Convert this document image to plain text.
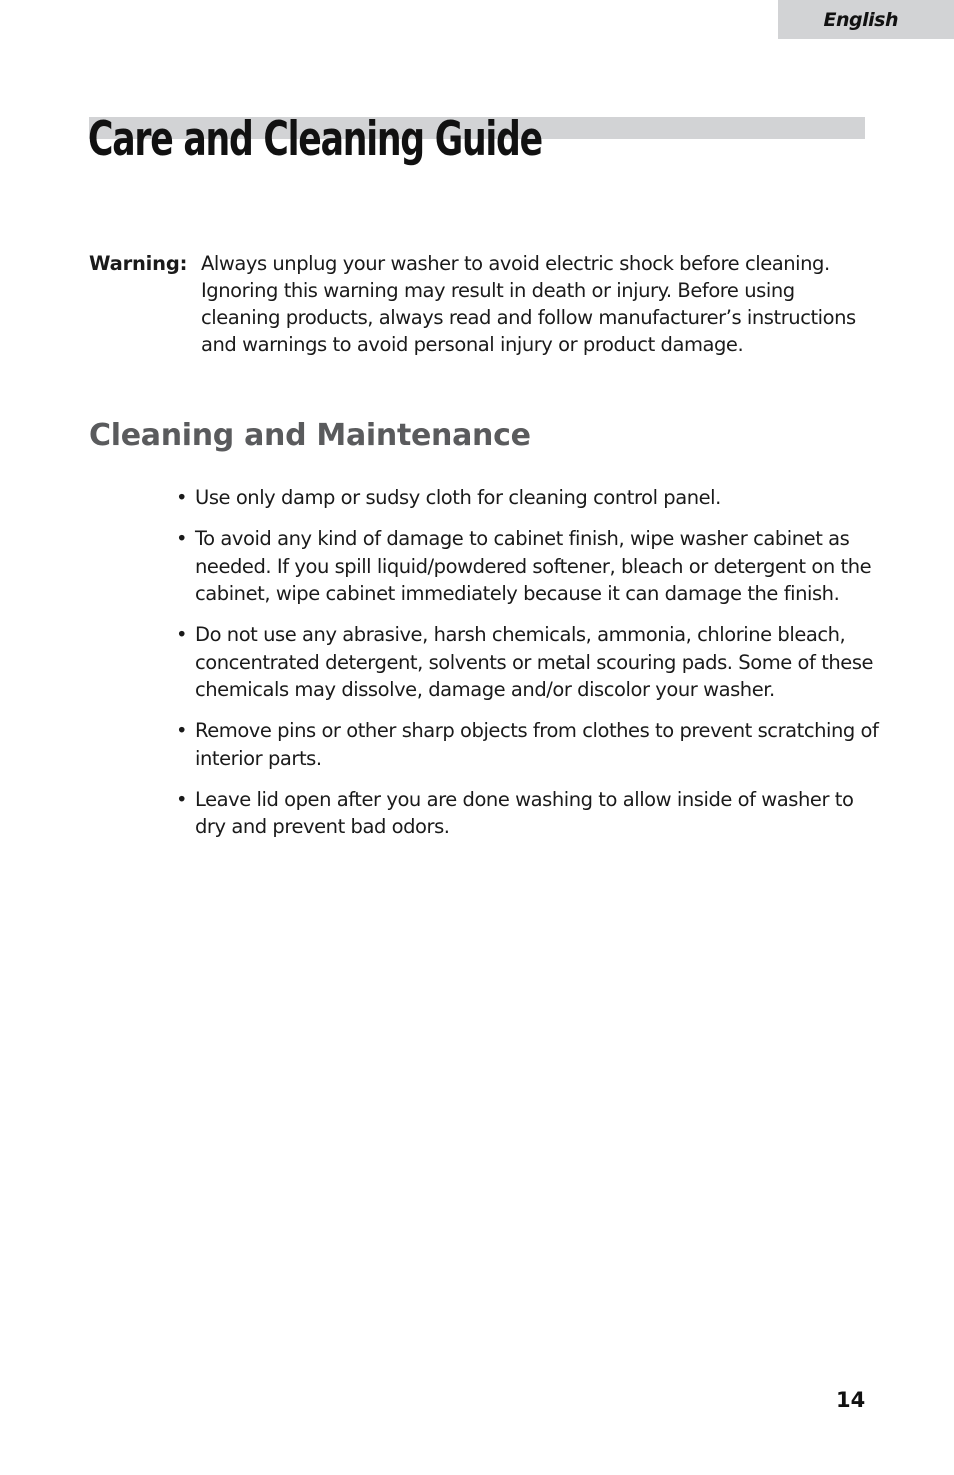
English
Care and Cleaning Guide
Warning: Always unplug your washer to avoid electric shock before cleaning.
Ignoring this warning may result in death or injury. Before using
cleaning products, always read and follow manufacturer’s instructions
and warnings to avoid personal injury or product damage.
Cleaning and Maintenance
• Use only damp or sudsy cloth for cleaning control panel.
• To avoid any kind of damage to cabinet finish, wipe washer cabinet as
needed. If you spill liquid/powdered softener, bleach or detergent on the
cabinet, wipe cabinet immediately because it can damage the finish.
• Do not use any abrasive, harsh chemicals, ammonia, chlorine bleach,
concentrated detergent, solvents or metal scouring pads. Some of these
chemicals may dissolve, damage and/or discolor your washer.
• Remove pins or other sharp objects from clothes to prevent scratching of
interior parts.
• Leave lid open after you are done washing to allow inside of washer to
dry and prevent bad odors.
14
